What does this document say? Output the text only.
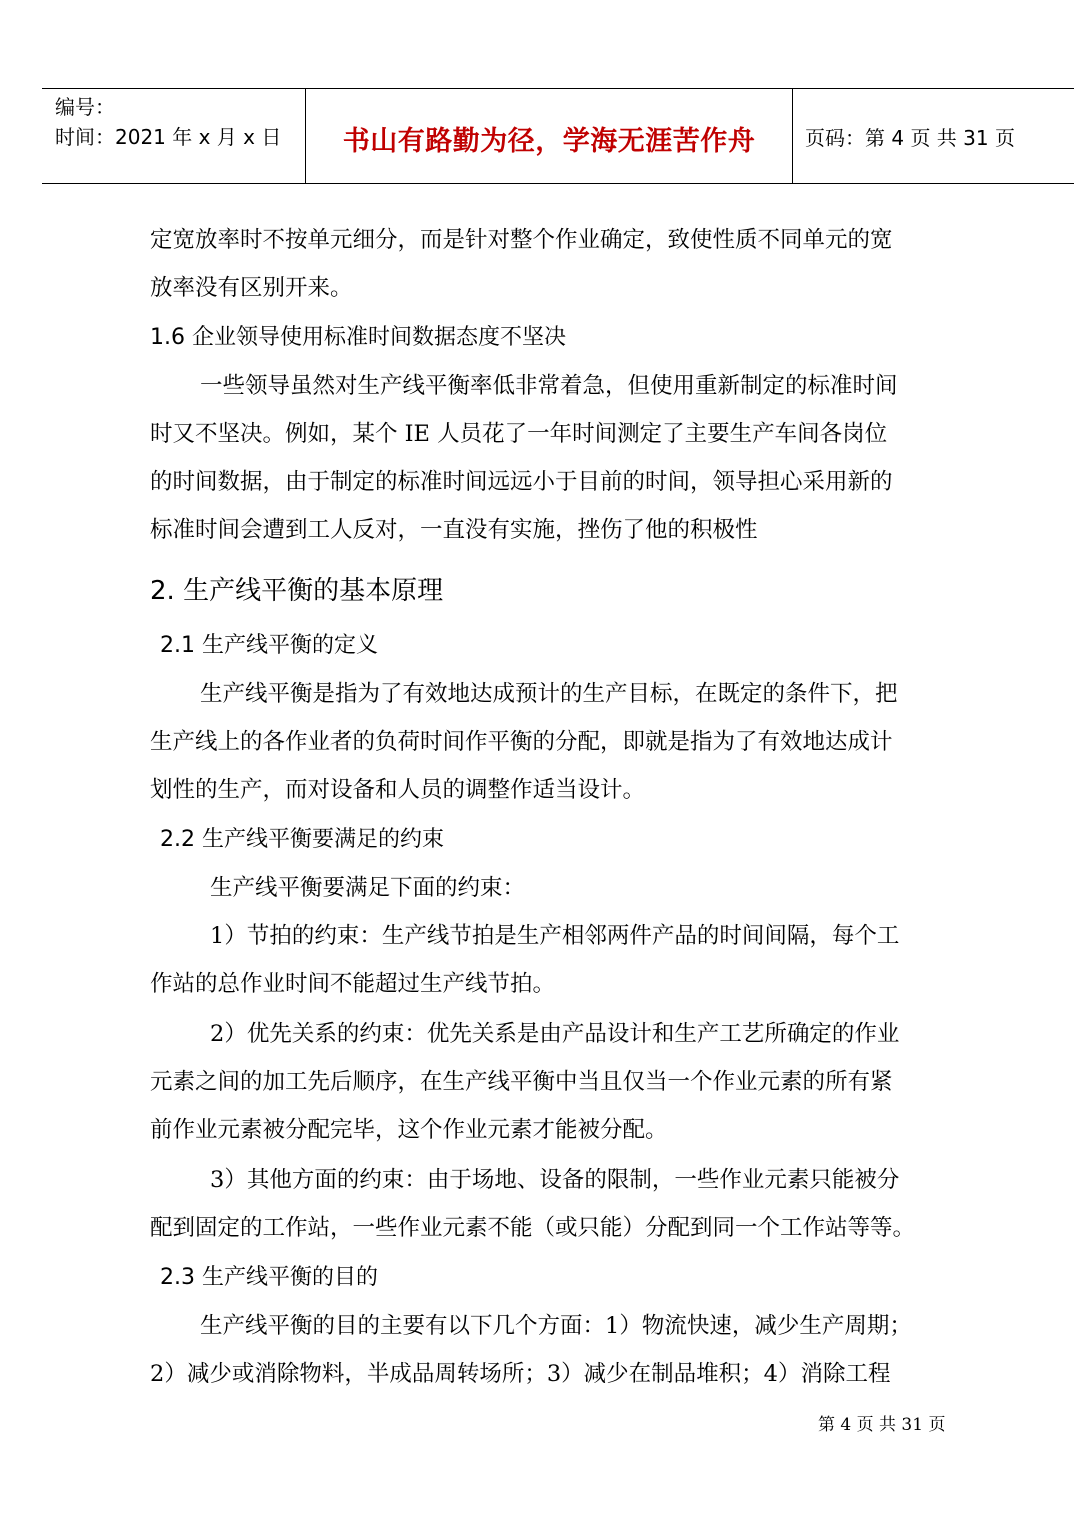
编号：
时间：2021 年 x 月 x 日	书山有路勤为径，学海无涯苦作舟	页码：第 4 页 共 31 页
定宽放率时不按单元细分，而是针对整个作业确定，致使性质不同单元的宽
放率没有区别开来。
1.6 企业领导使用标准时间数据态度不坚决
一些领导虽然对生产线平衡率低非常着急，但使用重新制定的标准时间
时又不坚决。例如，某个 IE 人员花了一年时间测定了主要生产车间各岗位
的时间数据，由于制定的标准时间远远小于目前的时间，领导担心采用新的
标准时间会遭到工人反对，一直没有实施，挫伤了他的积极性
2. 生产线平衡的基本原理
2.1 生产线平衡的定义
生产线平衡是指为了有效地达成预计的生产目标，在既定的条件下，把
生产线上的各作业者的负荷时间作平衡的分配，即就是指为了有效地达成计
划性的生产，而对设备和人员的调整作适当设计。
2.2 生产线平衡要满足的约束
生产线平衡要满足下面的约束：
1）节拍的约束：生产线节拍是生产相邻两件产品的时间间隔，每个工
作站的总作业时间不能超过生产线节拍。
2）优先关系的约束：优先关系是由产品设计和生产工艺所确定的作业
元素之间的加工先后顺序，在生产线平衡中当且仅当一个作业元素的所有紧
前作业元素被分配完毕，这个作业元素才能被分配。
3）其他方面的约束：由于场地、设备的限制，一些作业元素只能被分
配到固定的工作站，一些作业元素不能（或只能）分配到同一个工作站等等。
2.3 生产线平衡的目的
生产线平衡的目的主要有以下几个方面：1）物流快速，减少生产周期；
2）减少或消除物料，半成品周转场所；3）减少在制品堆积；4）消除工程
第 4 页 共 31 页
